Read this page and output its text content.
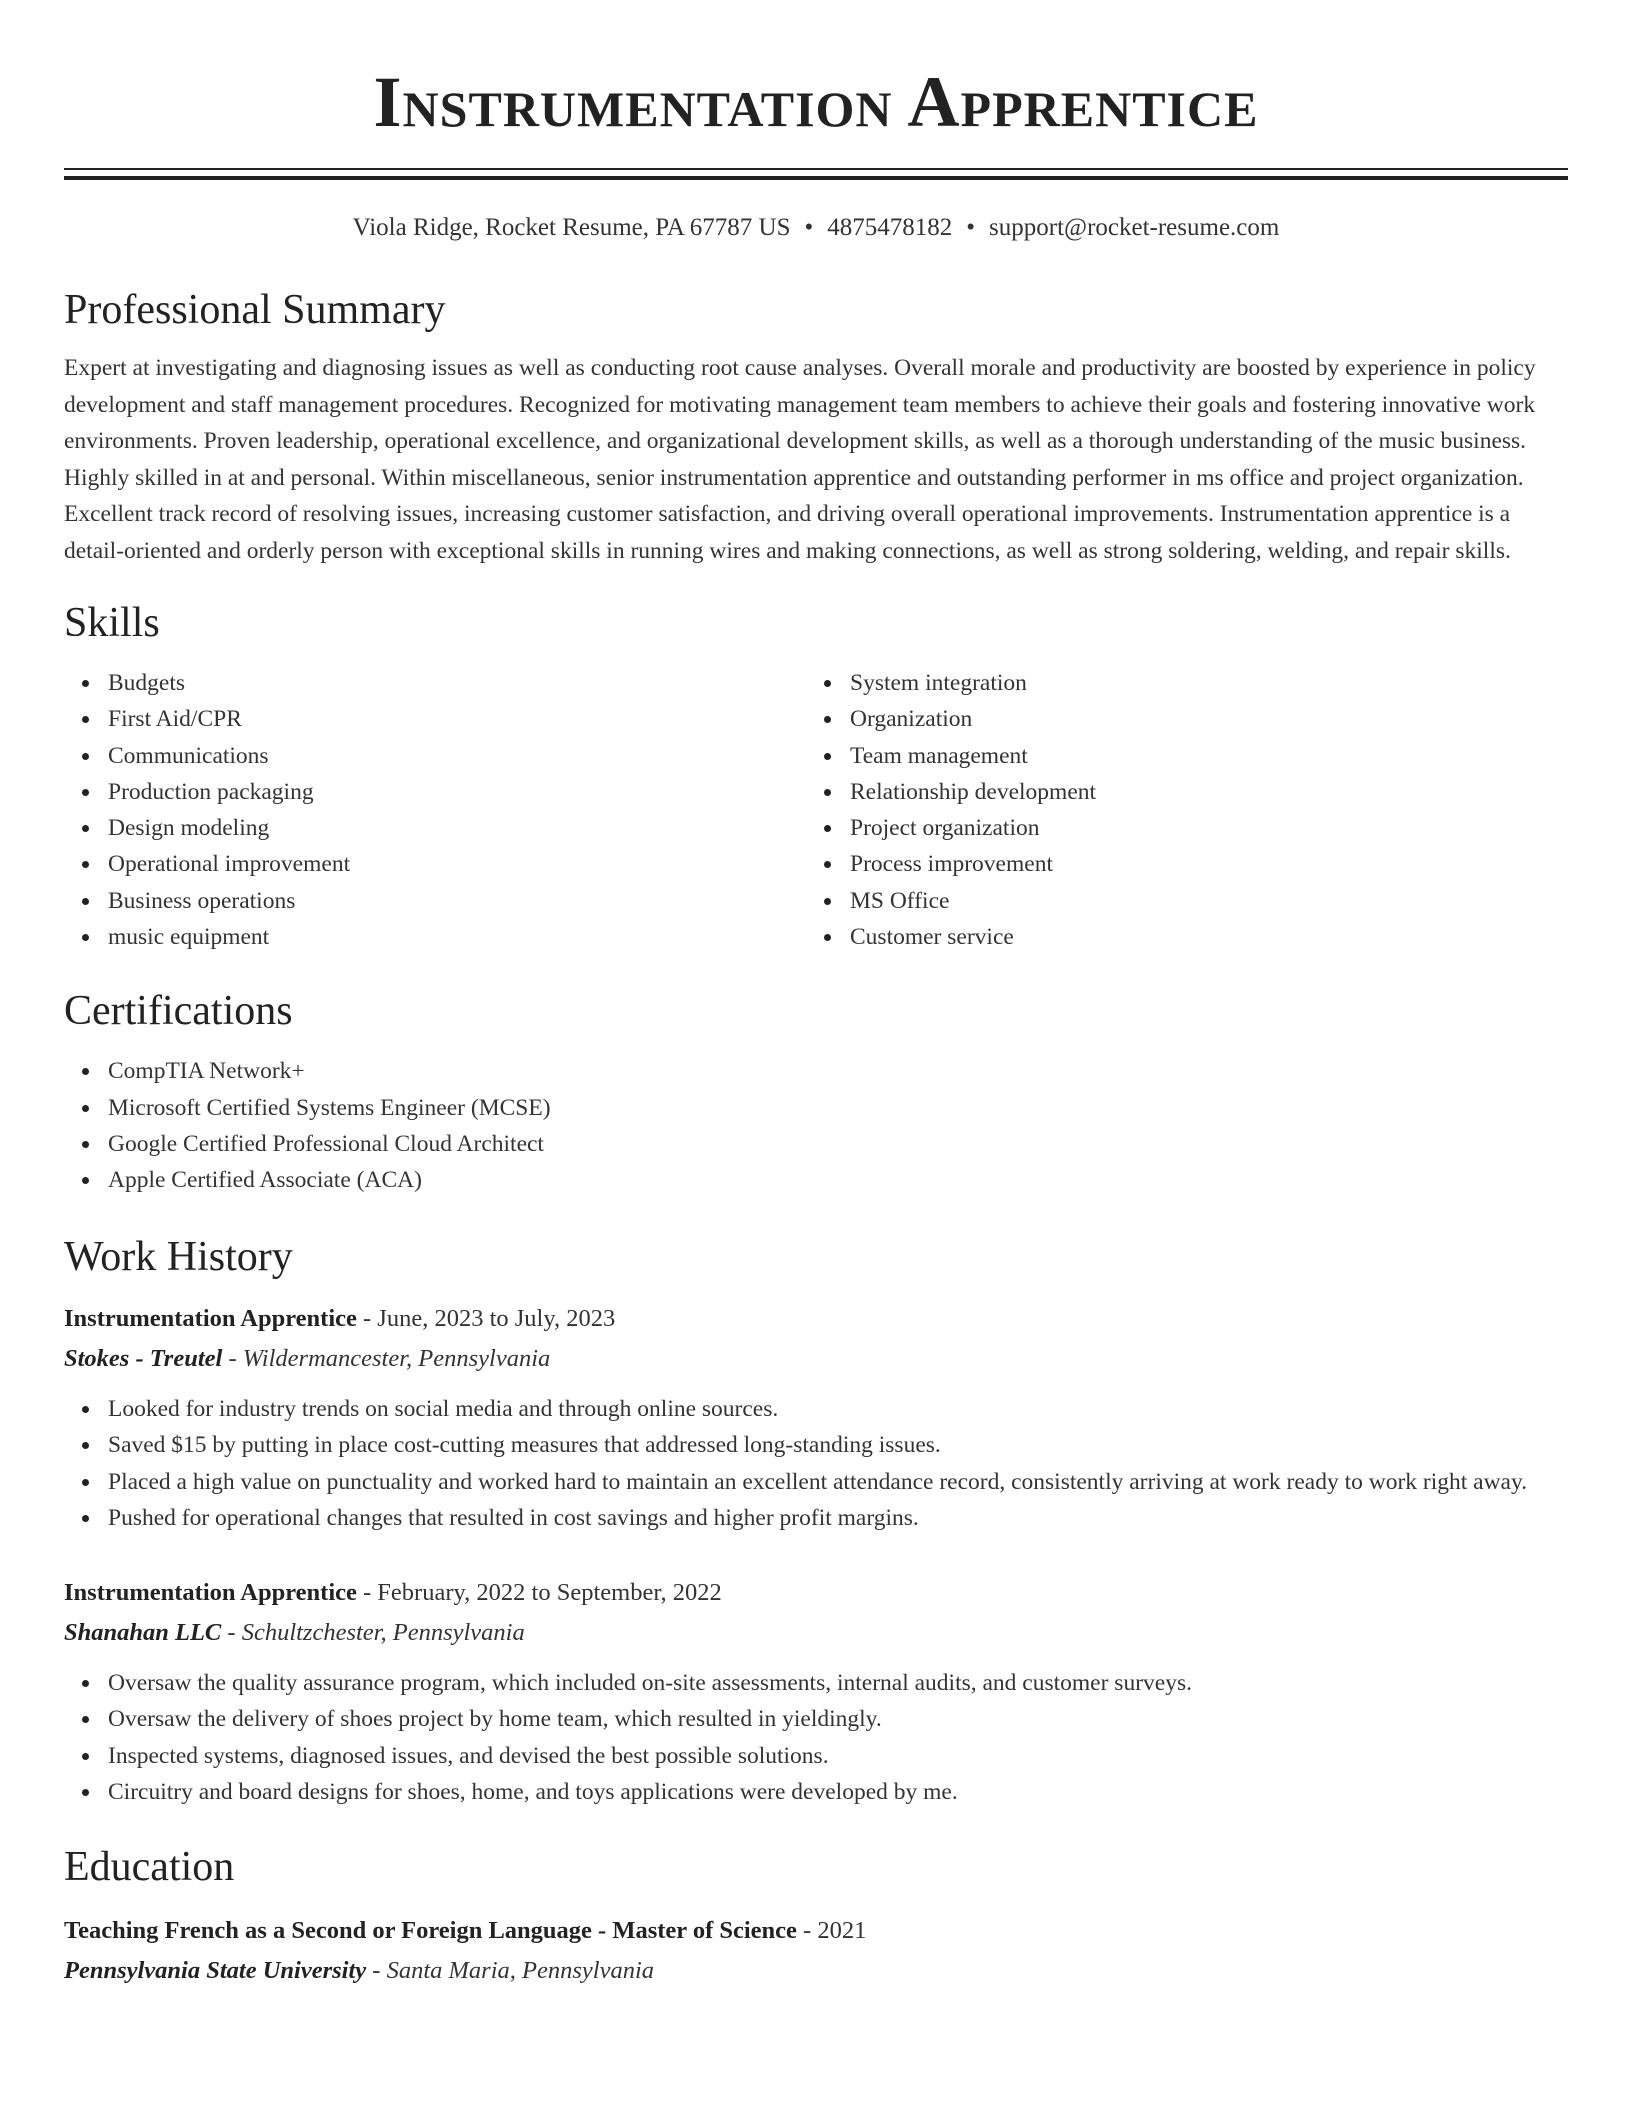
Instrumentation Apprentice
Viola Ridge, Rocket Resume, PA 67787 US • 4875478182 • support@rocket-resume.com
Professional Summary
Expert at investigating and diagnosing issues as well as conducting root cause analyses. Overall morale and productivity are boosted by experience in policy development and staff management procedures. Recognized for motivating management team members to achieve their goals and fostering innovative work environments. Proven leadership, operational excellence, and organizational development skills, as well as a thorough understanding of the music business. Highly skilled in at and personal. Within miscellaneous, senior instrumentation apprentice and outstanding performer in ms office and project organization. Excellent track record of resolving issues, increasing customer satisfaction, and driving overall operational improvements. Instrumentation apprentice is a detail-oriented and orderly person with exceptional skills in running wires and making connections, as well as strong soldering, welding, and repair skills.
Skills
Budgets
First Aid/CPR
Communications
Production packaging
Design modeling
Operational improvement
Business operations
music equipment
System integration
Organization
Team management
Relationship development
Project organization
Process improvement
MS Office
Customer service
Certifications
CompTIA Network+
Microsoft Certified Systems Engineer (MCSE)
Google Certified Professional Cloud Architect
Apple Certified Associate (ACA)
Work History
Instrumentation Apprentice - June, 2023 to July, 2023
Stokes - Treutel - Wildermancester, Pennsylvania
Looked for industry trends on social media and through online sources.
Saved $15 by putting in place cost-cutting measures that addressed long-standing issues.
Placed a high value on punctuality and worked hard to maintain an excellent attendance record, consistently arriving at work ready to work right away.
Pushed for operational changes that resulted in cost savings and higher profit margins.
Instrumentation Apprentice - February, 2022 to September, 2022
Shanahan LLC - Schultzchester, Pennsylvania
Oversaw the quality assurance program, which included on-site assessments, internal audits, and customer surveys.
Oversaw the delivery of shoes project by home team, which resulted in yieldingly.
Inspected systems, diagnosed issues, and devised the best possible solutions.
Circuitry and board designs for shoes, home, and toys applications were developed by me.
Education
Teaching French as a Second or Foreign Language - Master of Science - 2021
Pennsylvania State University - Santa Maria, Pennsylvania
